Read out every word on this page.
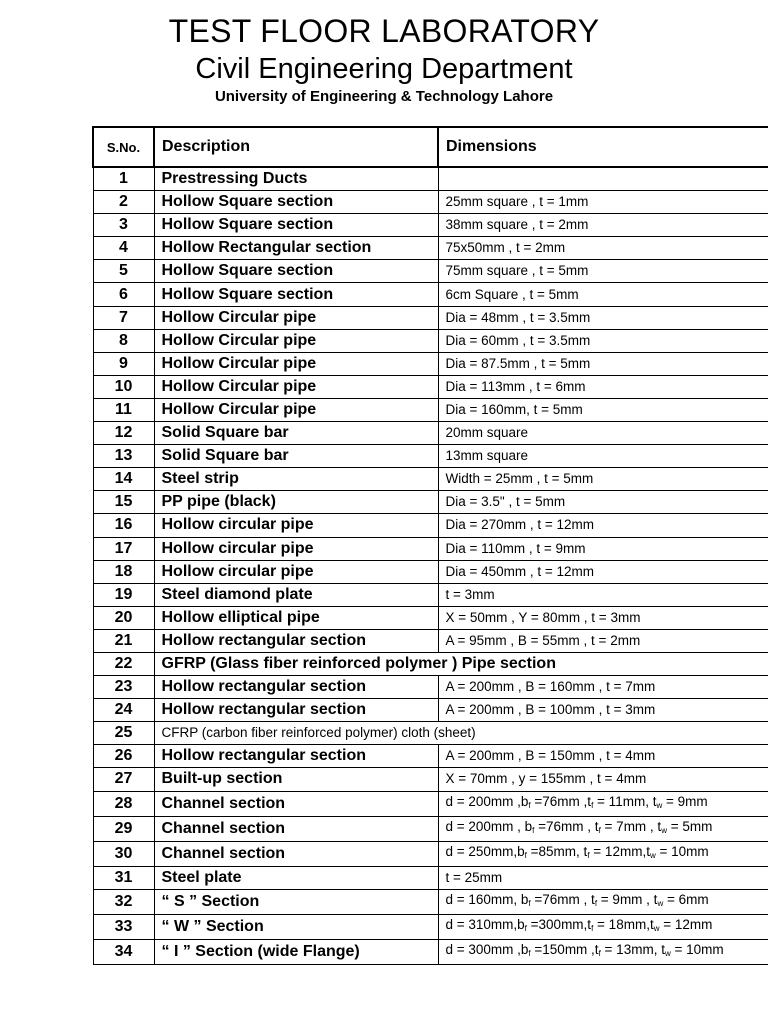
TEST FLOOR LABORATORY
Civil Engineering Department
University of Engineering & Technology Lahore
S.No.	Description	Dimensions
1	Prestressing Ducts	
2	Hollow Square section	25mm square , t = 1mm
3	Hollow Square section	38mm square , t = 2mm
4	Hollow Rectangular section	75x50mm , t = 2mm
5	Hollow Square section	75mm square , t = 5mm
6	Hollow Square section	6cm Square , t = 5mm
7	Hollow Circular pipe	Dia = 48mm , t = 3.5mm
8	Hollow Circular pipe	Dia = 60mm , t = 3.5mm
9	Hollow Circular pipe	Dia = 87.5mm , t = 5mm
10	Hollow Circular pipe	Dia = 113mm , t = 6mm
11	Hollow Circular pipe	Dia = 160mm, t = 5mm
12	Solid Square bar	20mm square
13	Solid Square bar	13mm square
14	Steel strip	Width = 25mm , t = 5mm
15	PP pipe (black)	Dia = 3.5" , t = 5mm
16	Hollow circular pipe	Dia = 270mm , t = 12mm
17	Hollow circular pipe	Dia = 110mm , t = 9mm
18	Hollow circular pipe	Dia = 450mm , t = 12mm
19	Steel diamond plate	t = 3mm
20	Hollow elliptical pipe	X = 50mm , Y = 80mm , t = 3mm
21	Hollow rectangular section	A = 95mm , B = 55mm , t = 2mm
22	GFRP (Glass fiber reinforced polymer ) Pipe section	
23	Hollow rectangular section	A = 200mm , B = 160mm , t = 7mm
24	Hollow rectangular section	A = 200mm , B = 100mm , t = 3mm
25	CFRP (carbon fiber reinforced polymer) cloth (sheet)	
26	Hollow rectangular section	A = 200mm , B = 150mm , t = 4mm
27	Built-up section	X = 70mm , y = 155mm , t = 4mm
28	Channel section	d = 200mm $,b_f =76mm$ $,t_f = 11mm$, $t_w = 9mm$
29	Channel section	d = 200mm , $b_f =76mm$ , $t_f = 7mm$ , $t_w = 5mm$
30	Channel section	$d = 250mm,b_f =85mm$, $t_f = 12mm,t_w = 10mm$
31	Steel plate	t = 25mm
32	“ S ” Section	d = 160mm, $b_f =76mm$ , $t_f = 9mm$ , $t_w = 6mm$
33	“ W ” Section	$d = 310mm,b_f =300mm,t_f = 18mm,t_w = 12mm$
34	“ I ” Section (wide Flange)	d = 300mm $,b_f =150mm$ $,t_f = 13mm$, $t_w = 10mm$
